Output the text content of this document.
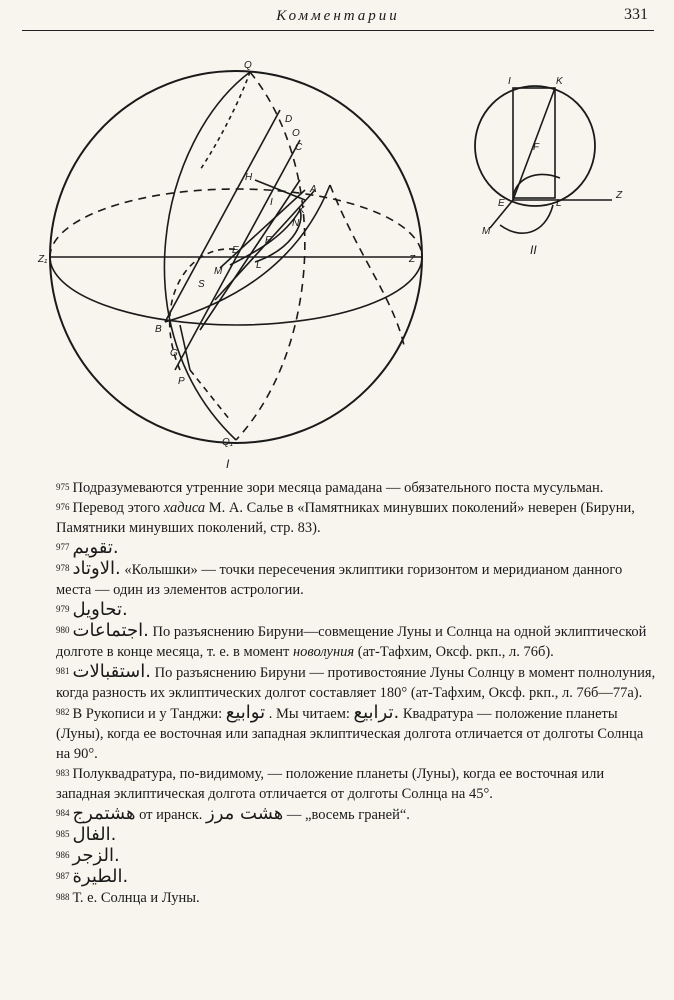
Комментарии	331
Q
Q₁
Z
Z₁
D
O
C
H
A
I
K
N
F
E
L
M
S
B
G
P
I
I	K
F
E	L
Z
M
II

$^{975}$ Подразумеваются утренние зори месяца рамадана — обязательного поста мусульман.

$^{976}$ Перевод этого хадиса М. А. Салье в «Памятниках минувших поколений» неверен (Бируни, Памятники минувших поколений, стр. 83).

$^{977}$ تقويم.

$^{978}$ الاوتاد. «Колышки» — точки пересечения эклиптики горизонтом и меридианом данного места — один из элементов астрологии.

$^{979}$ تحاويل.

$^{980}$ اجتماعات. По разъяснению Бируни—совмещение Луны и Солнца на одной эклиптической долготе в конце месяца, т. е. в момент новолуния (ат-Тафхим, Оксф. ркп., л. 76б).

$^{981}$ استقبالات. По разъяснению Бируни — противостояние Луны Солнцу в момент полнолуния, когда разность их эклиптических долгот составляет 180° (ат-Тафхим, Оксф. ркп., л. 76б—77а).

$^{982}$ В Рукописи и у Танджи: توابيع . Мы читаем: ترابيع. Квадратура — положение планеты (Луны), когда ее восточная или западная эклиптическая долгота отличается от долготы Солнца на 90°.

$^{983}$ Полуквадратура, по-видимому, — положение планеты (Луны), когда ее восточная или западная эклиптическая долгота отличается от долготы Солнца на 45°.

$^{984}$ هشتمرج от иранск. هشت مرز — „восемь граней“.

$^{985}$ الفال.

$^{986}$ الزجر.

$^{987}$ الطيرة.

$^{988}$ Т. е. Солнца и Луны.
